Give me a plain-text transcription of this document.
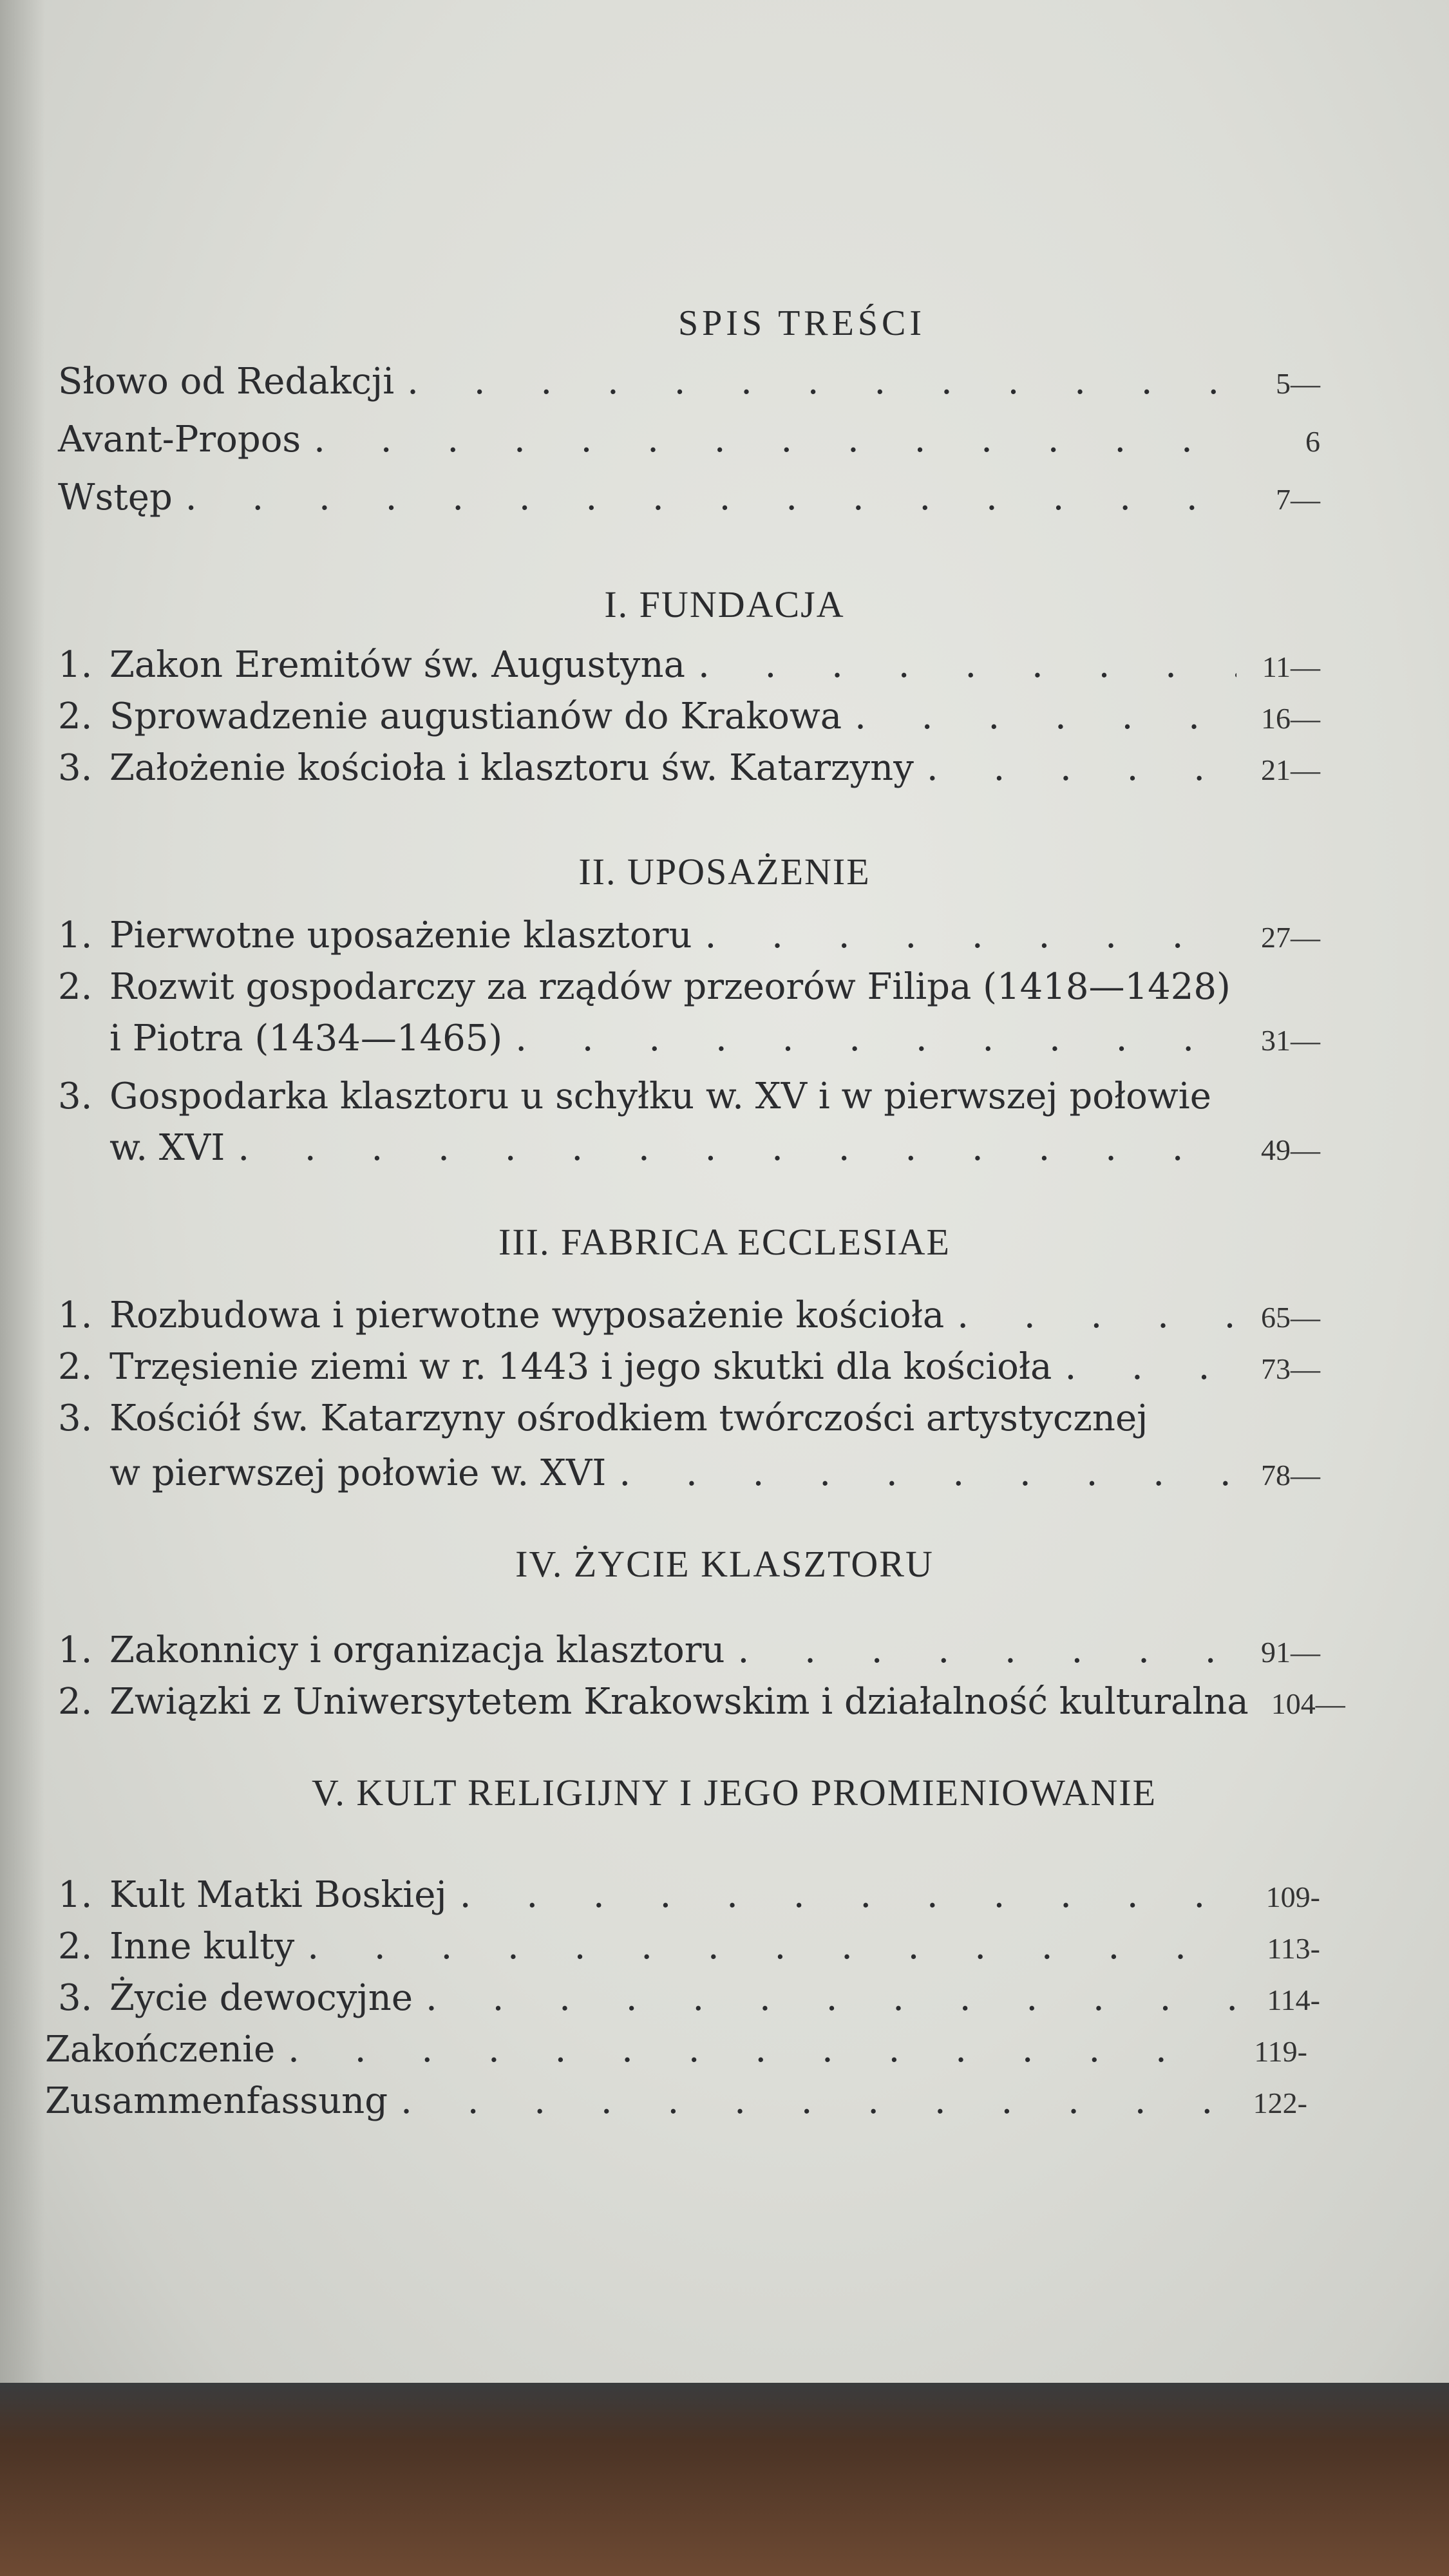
SPIS TREŚCI
Słowo od Redakcji . . .	5—
Avant-Propos . . .	6
Wstęp . . .	7—
I. FUNDACJA
1. Zakon Eremitów św. Augustyna . . .	11—
2. Sprowadzenie augustianów do Krakowa . . .	16—
3. Założenie kościoła i klasztoru św. Katarzyny . . .	21—
II. UPOSAŻENIE
1. Pierwotne uposażenie klasztoru . . .	27—
2. Rozwit gospodarczy za rządów przeorów Filipa (1418—1428)
i Piotra (1434—1465) . . .	31—
3. Gospodarka klasztoru u schyłku w. XV i w pierwszej połowie
w. XVI . . .	49—
III. FABRICA ECCLESIAE
1. Rozbudowa i pierwotne wyposażenie kościoła . . .	65—
2. Trzęsienie ziemi w r. 1443 i jego skutki dla kościoła . . .	73—
3. Kościół św. Katarzyny ośrodkiem twórczości artystycznej
w pierwszej połowie w. XVI . . .	78—
IV. ŻYCIE KLASZTORU
1. Zakonnicy i organizacja klasztoru . . .	91—
2. Związki z Uniwersytetem Krakowskim i działalność kulturalna . . . 104—
V. KULT RELIGIJNY I JEGO PROMIENIOWANIE
1. Kult Matki Boskiej . . .	109-
2. Inne kulty . . .	113-
3. Życie dewocyjne . . .	114-
Zakończenie . . .	119-
Zusammenfassung . . .	122-
